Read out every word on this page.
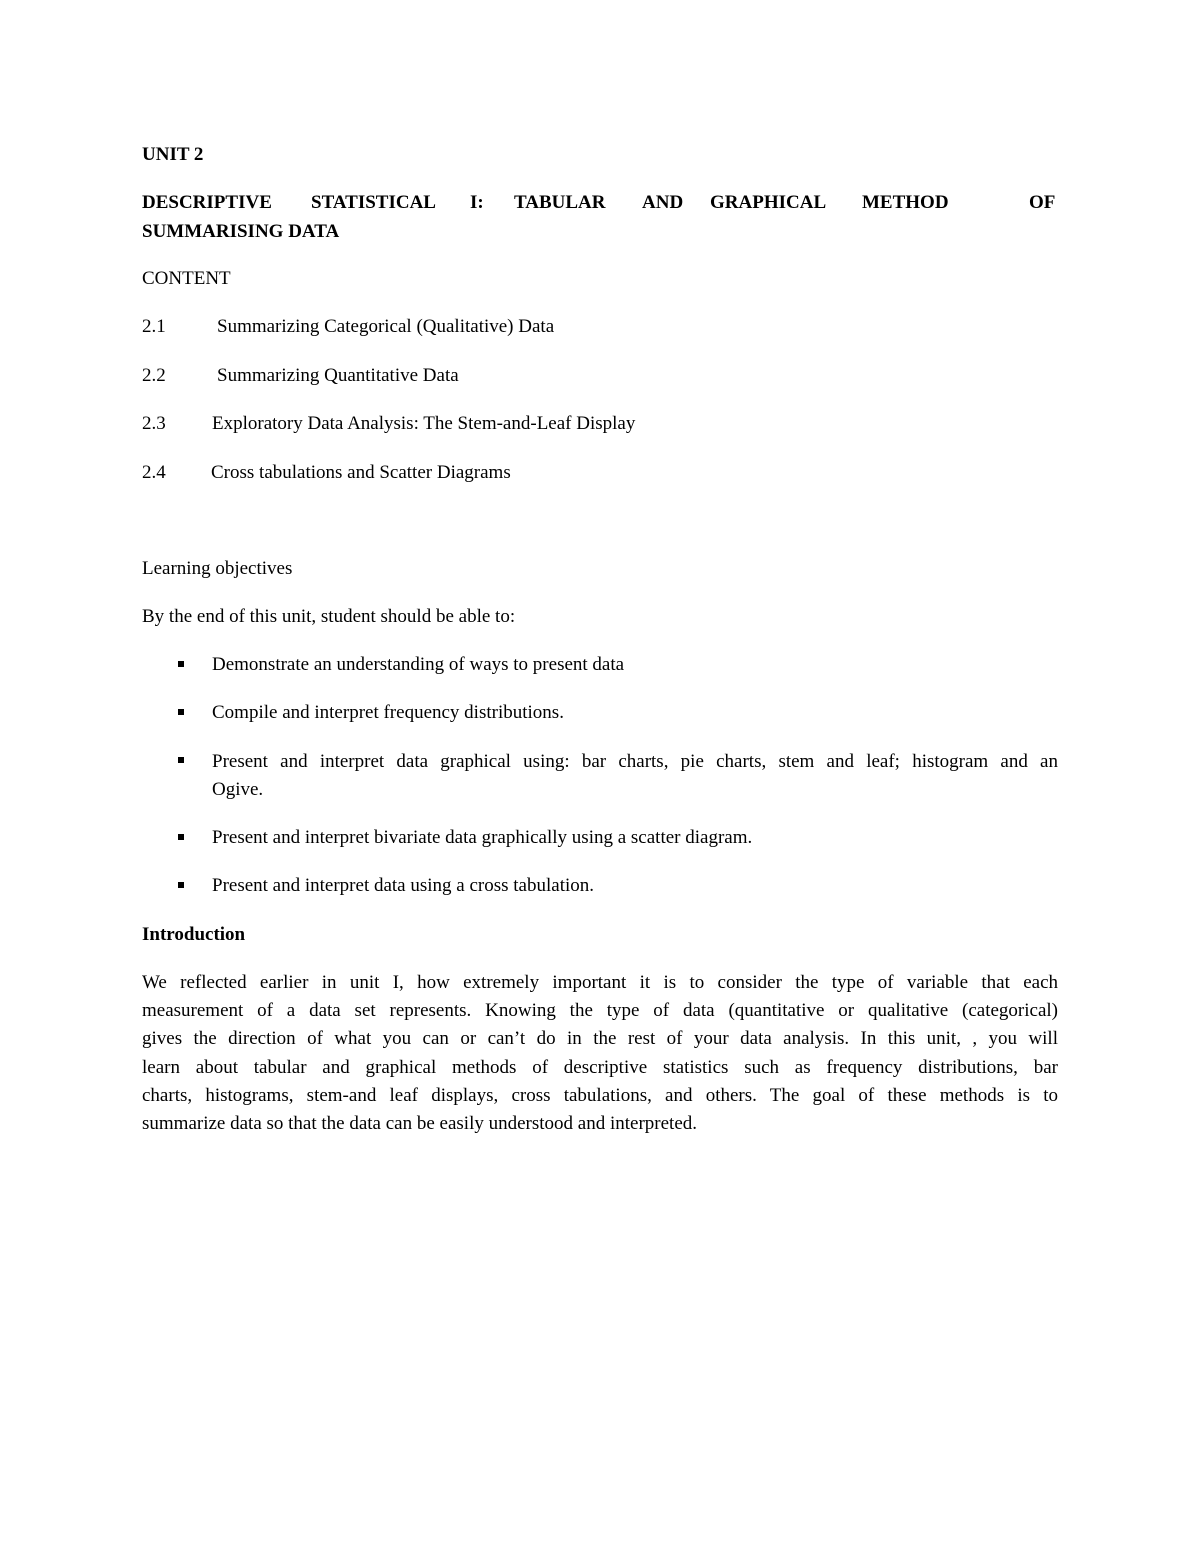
UNIT 2
DESCRIPTIVE STATISTICAL I: TABULAR AND GRAPHICAL METHOD	OF
SUMMARISING DATA
CONTENT
2.1	Summarizing Categorical (Qualitative) Data
2.2	Summarizing Quantitative Data
2.3 Exploratory Data Analysis: The Stem-and-Leaf Display
2.4 Cross tabulations and Scatter Diagrams
Learning objectives
By the end of this unit, student should be able to:
Demonstrate an understanding of ways to present data
Compile and interpret frequency distributions.
Present and interpret data graphical using: bar charts, pie charts, stem and leaf; histogram and an
Ogive.
Present and interpret bivariate data graphically using a scatter diagram.
Present and interpret data using a cross tabulation.
Introduction
We reflected earlier in unit I, how extremely important it is to consider the type of variable that each
measurement of a data set represents. Knowing the type of data (quantitative or qualitative (categorical)
gives the direction of what you can or can’t do in the rest of your data analysis. In this unit, , you will
learn about tabular and graphical methods of descriptive statistics such as frequency distributions, bar
charts, histograms, stem-and leaf displays, cross tabulations, and others. The goal of these methods is to
summarize data so that the data can be easily understood and interpreted.
